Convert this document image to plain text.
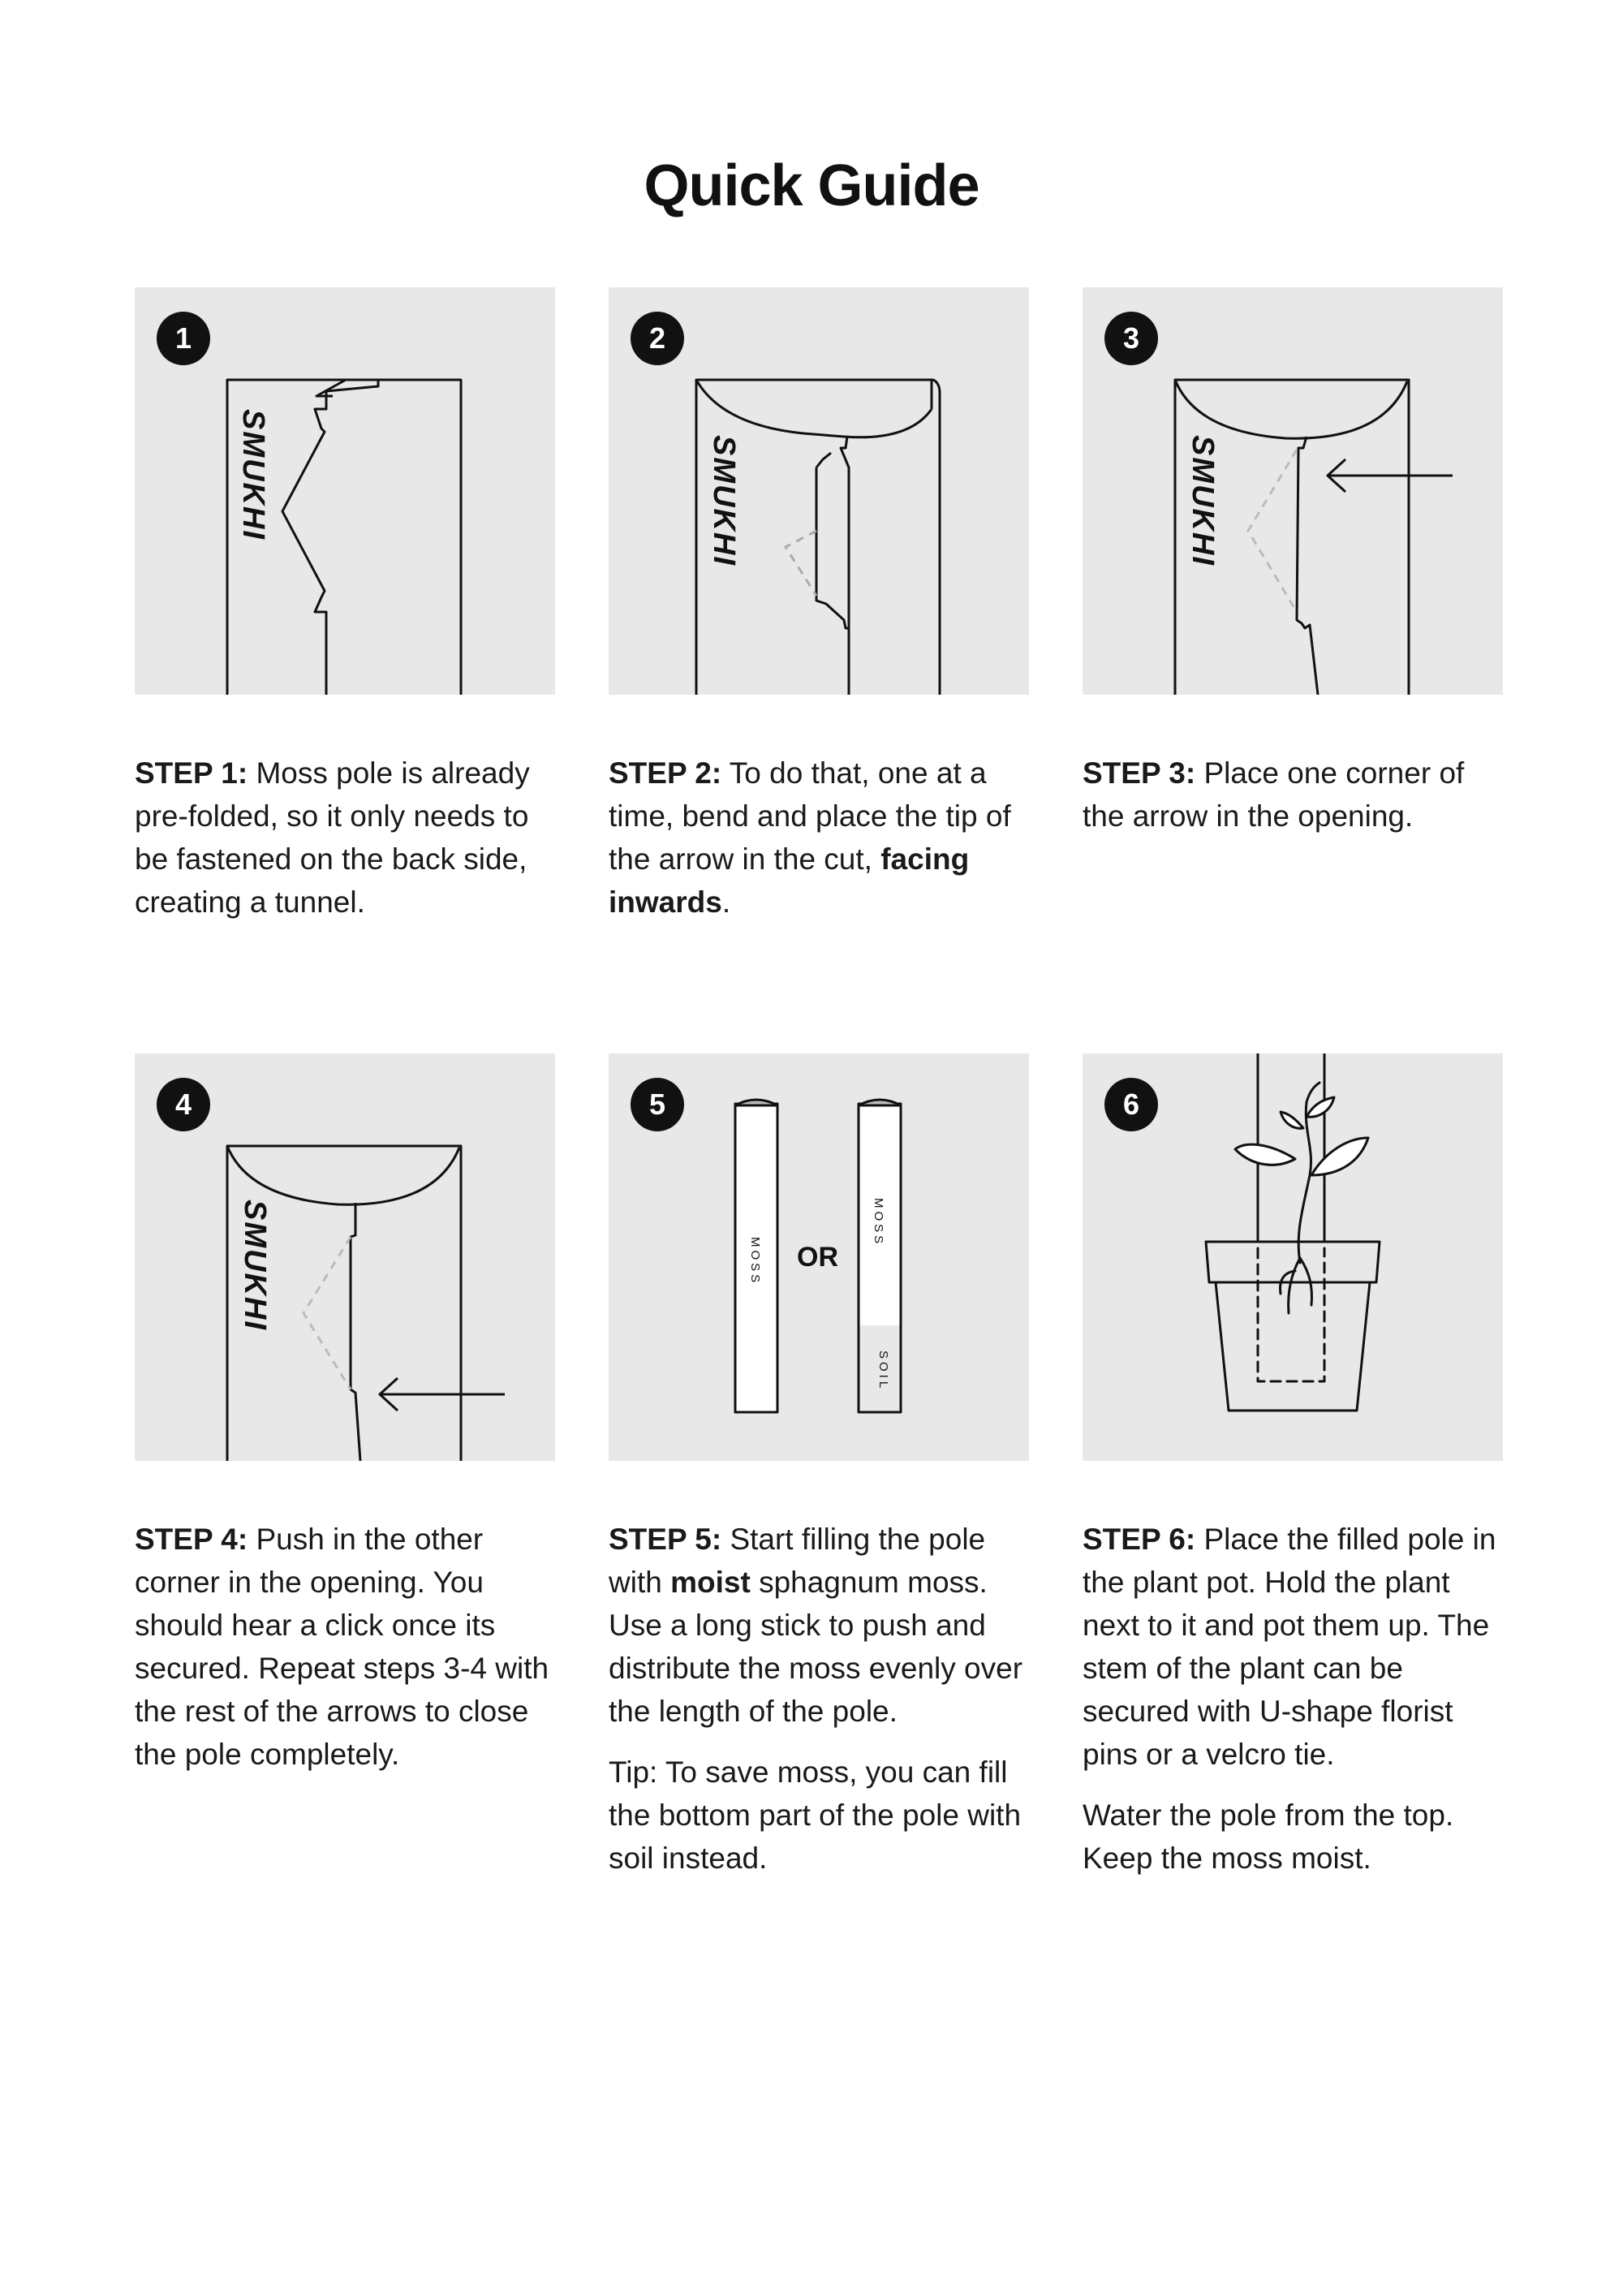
Quick Guide
1
SMUKHI
2
SMUKHI
3
SMUKHI

STEP 1: Moss pole is already pre-folded, so it only needs to be fastened on the back side, creating a tunnel.

STEP 2: To do that, one at a time, bend and place the tip of the arrow in the cut, facing inwards.

STEP 3: Place one corner of the arrow in the opening.

4
SMUKHI
5
MOSS OR
MOSS
SOIL
6

STEP 4: Push in the other corner in the opening. You should hear a click once its secured. Repeat steps 3-4 with the rest of the arrows to close the pole completely.

STEP 5: Start filling the pole with moist sphagnum moss. Use a long stick to push and distribute the moss evenly over the length of the pole.

Tip: To save moss, you can fill the bottom part of the pole with soil instead.

STEP 6: Place the filled pole in the plant pot. Hold the plant next to it and pot them up. The stem of the plant can be secured with U-shape florist pins or a velcro tie.

Water the pole from the top. Keep the moss moist.
